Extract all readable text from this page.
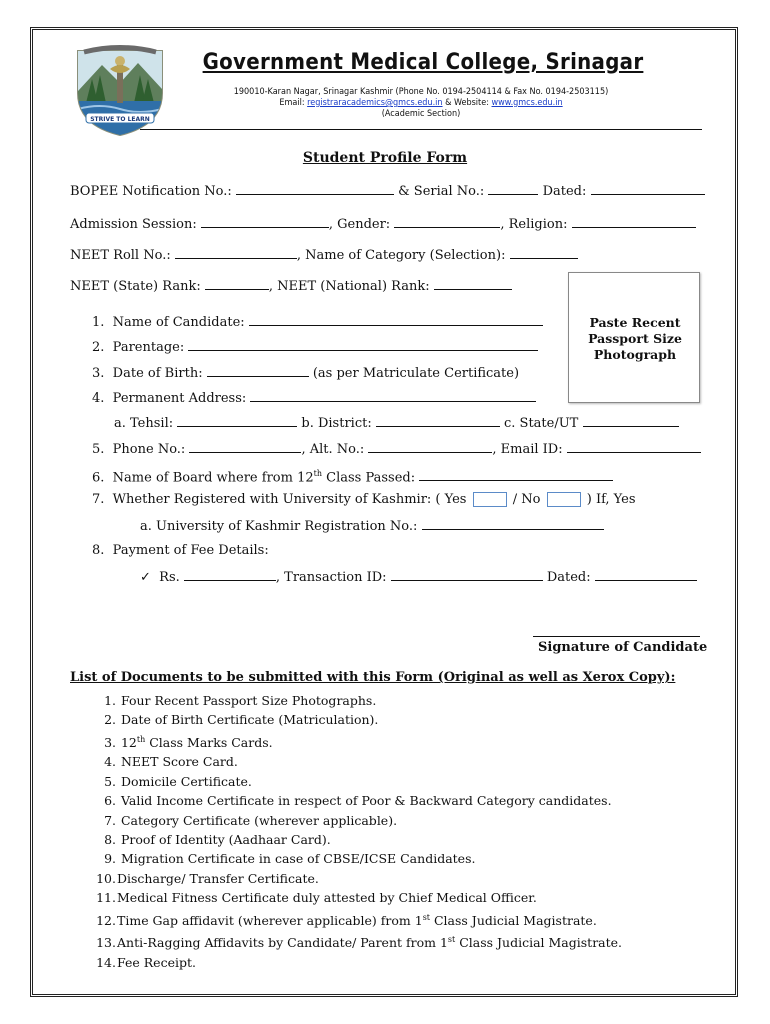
STRIVE TO LEARN
Government Medical College, Srinagar
190010-Karan Nagar, Srinagar Kashmir (Phone No. 0194-2504114 & Fax No. 0194-2503115)
Email: registraracademics@gmcs.edu.in & Website: www.gmcs.edu.in
(Academic Section)
Student Profile Form
BOPEE Notification No.:	& Serial No.:	Dated:
Admission Session:	, Gender:	, Religion:
NEET Roll No.:	, Name of Category (Selection):
NEET (State) Rank:	, NEET (National) Rank:
Paste Recent
Passport Size
Photograph
1. Name of Candidate:
2. Parentage:
3. Date of Birth:	(as per Matriculate Certificate)
4. Permanent Address:
a. Tehsil:	b. District:	c. State/UT
5. Phone No.:	, Alt. No.:	, Email ID:
6. Name of Board where from 12th Class Passed:
7. Whether Registered with University of Kashmir: ( Yes	/ No	) If, Yes
a. University of Kashmir Registration No.:
8. Payment of Fee Details:
✓ Rs.	, Transaction ID:	Dated:
Signature of Candidate
List of Documents to be submitted with this Form (Original as well as Xerox Copy):
1. Four Recent Passport Size Photographs.
2. Date of Birth Certificate (Matriculation).
3. 12th Class Marks Cards.
4. NEET Score Card.
5. Domicile Certificate.
6. Valid Income Certificate in respect of Poor & Backward Category candidates.
7. Category Certificate (wherever applicable).
8. Proof of Identity (Aadhaar Card).
9. Migration Certificate in case of CBSE/ICSE Candidates.
10.Discharge/ Transfer Certificate.
11.Medical Fitness Certificate duly attested by Chief Medical Officer.
12.Time Gap affidavit (wherever applicable) from 1st Class Judicial Magistrate.
13.Anti-Ragging Affidavits by Candidate/ Parent from 1st Class Judicial Magistrate.
14.Fee Receipt.
